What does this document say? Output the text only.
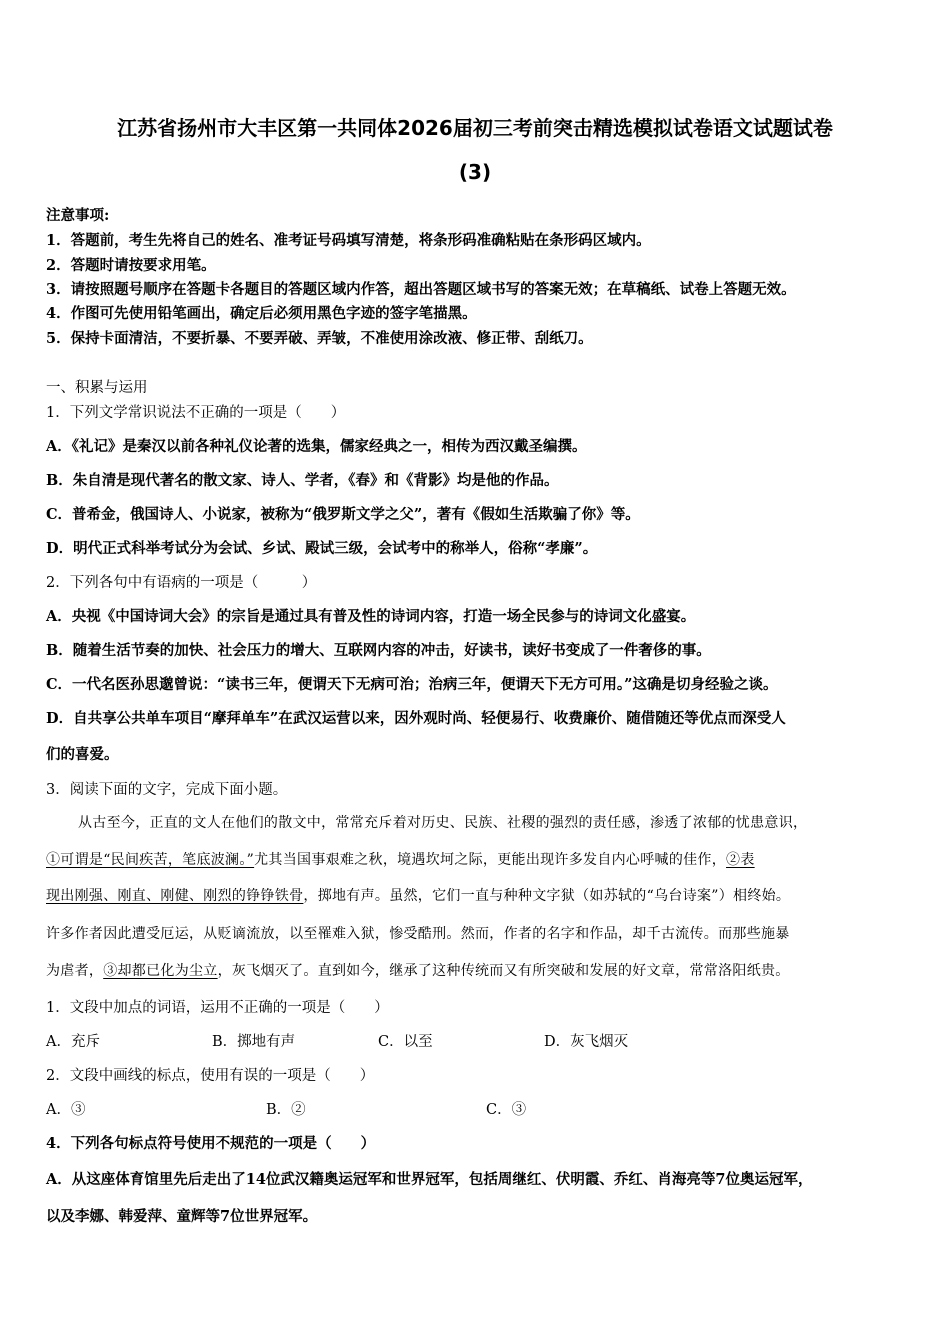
江苏省扬州市大丰区第一共同体2026届初三考前突击精选模拟试卷语文试题试卷
(3)
注意事项:
1．答题前，考生先将自己的姓名、准考证号码填写清楚，将条形码准确粘贴在条形码区域内。
2．答题时请按要求用笔。
3．请按照题号顺序在答题卡各题目的答题区域内作答，超出答题区域书写的答案无效；在草稿纸、试卷上答题无效。
4．作图可先使用铅笔画出，确定后必须用黑色字迹的签字笔描黑。
5．保持卡面清洁，不要折暴、不要弄破、弄皱，不准使用涂改液、修正带、刮纸刀。
一、积累与运用
1．下列文学常识说法不正确的一项是（　　）
A．《礼记》是秦汉以前各种礼仪论著的选集，儒家经典之一，相传为西汉戴圣编撰。
B．朱自清是现代著名的散文家、诗人、学者，《春》和《背影》均是他的作品。
C．普希金，俄国诗人、小说家，被称为“俄罗斯文学之父”，著有《假如生活欺骗了你》等。
D．明代正式科举考试分为会试、乡试、殿试三级，会试考中的称举人，俗称“孝廉”。
2．下列各句中有语病的一项是（　　　）
A．央视《中国诗词大会》的宗旨是通过具有普及性的诗词内容，打造一场全民参与的诗词文化盛宴。
B．随着生活节奏的加快、社会压力的增大、互联网内容的冲击，好读书，读好书变成了一件奢侈的事。
C．一代名医孙思邈曾说：“读书三年，便谓天下无病可治；治病三年，便谓天下无方可用。”这确是切身经验之谈。
D．自共享公共单车项目“摩拜单车”在武汉运营以来，因外观时尚、轻便易行、收费廉价、随借随还等优点而深受人
们的喜爱。
3．阅读下面的文字，完成下面小题。
从古至今，正直的文人在他们的散文中，常常充斥着对历史、民族、社稷的强烈的责任感，渗透了浓郁的忧患意识，
①可谓是“民间疾苦，笔底波澜。”尤其当国事艰难之秋，境遇坎坷之际，更能出现许多发自内心呼喊的佳作，②表
现出刚强、刚直、刚健、刚烈的铮铮铁骨，掷地有声。虽然，它们一直与种种文字狱（如苏轼的“乌台诗案”）相终始。
许多作者因此遭受厄运，从贬谪流放，以至罹难入狱，惨受酷刑。然而，作者的名字和作品，却千古流传。而那些施暴
为虐者，③却都已化为尘立，灰飞烟灭了。直到如今，继承了这种传统而又有所突破和发展的好文章，常常洛阳纸贵。
1．文段中加点的词语，运用不正确的一项是（　　）
A．充斥	B．掷地有声	C．以至	D．灰飞烟灭
2．文段中画线的标点，使用有误的一项是（　　）
A．③	B．②	C．③
4．下列各句标点符号使用不规范的一项是（　　）
A．从这座体育馆里先后走出了14位武汉籍奥运冠军和世界冠军，包括周继红、伏明霞、乔红、肖海亮等7位奥运冠军，
以及李娜、韩爱萍、童辉等7位世界冠军。
